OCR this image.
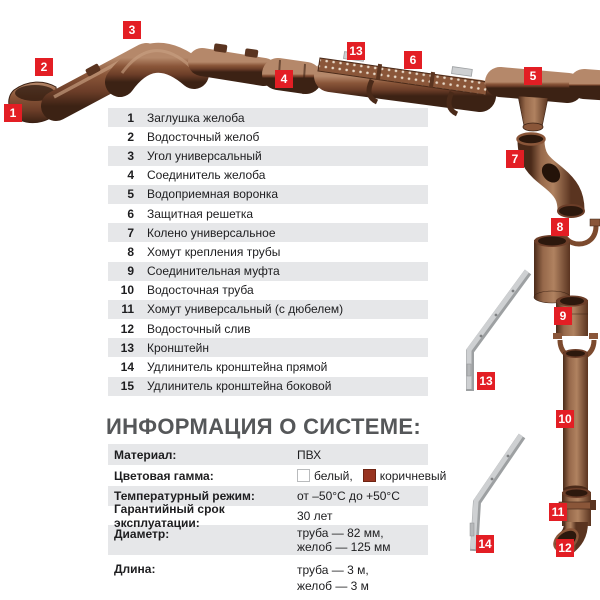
1
2
3
4
13
6
5
7
8
9
10
13
11
12
14
1	Заглушка желоба
2	Водосточный желоб
3	Угол универсальный
4	Соединитель желоба
5	Водоприемная воронка
6	Защитная решетка
7	Колено универсальное
8	Хомут крепления трубы
9	Соединительная муфта
10	Водосточная труба
11	Хомут универсальный (с дюбелем)
12	Водосточный слив
13	Кронштейн
14	Удлинитель кронштейна прямой
15	Удлинитель кронштейна боковой
ИНФОРМАЦИЯ О СИСТЕМЕ:
Материал:	ПВХ
Цветовая гамма:	белый, коричневый
Температурный режим:	от –50°C до +50°C
Гарантийный срок эксплуатации:	30 лет
Диаметр:	труба — 82 мм,
желоб — 125 мм
Длина:	труба — 3 м,
желоб — 3 м
